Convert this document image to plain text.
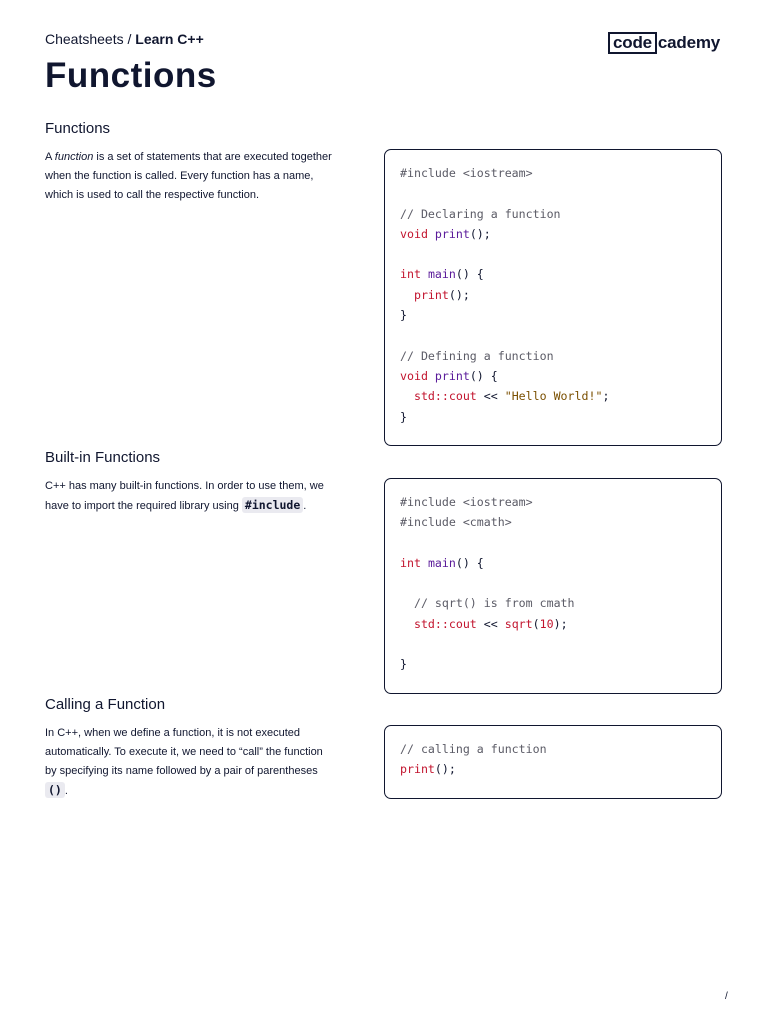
Cheatsheets / Learn C++	code cademy
Functions
Functions

A function is a set of statements that are executed together when the function is called. Every function has a name, which is used to call the respective function.

#include <iostream>

// Declaring a function
void print();

int main() {
print();
}

// Defining a function
void print() {
std::cout << "Hello World!";
}
Built-in Functions

C++ has many built-in functions. In order to use them, we have to import the required library using #include .	#include <iostream>
#include <cmath>

int main() {

// sqrt() is from cmath
std::cout << sqrt(10);

}
Calling a Function

In C++, when we define a function, it is not executed automatically. To execute it, we need to “call” the function by specifying its name followed by a pair of parentheses () .

// calling a function
print();
/
